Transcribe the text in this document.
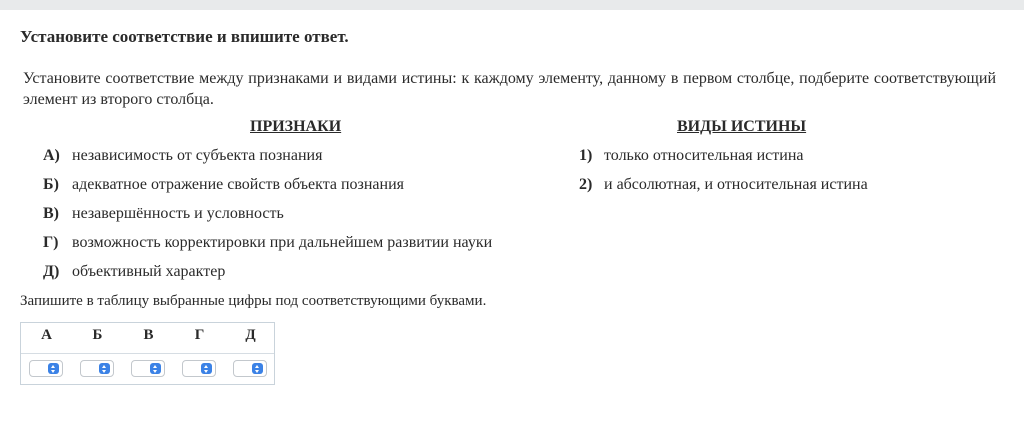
Установите соответствие и впишите ответ.
Установите соответствие между признаками и видами истины: к каждому элементу, данному в первом столбце, подберите соответствующий элемент из второго столбца.
ПРИЗНАКИ	ВИДЫ ИСТИНЫ
А) независимость от субъекта познания
Б) адекватное отражение свойств объекта познания
В) незавершённость и условность
Г) возможность корректировки при дальнейшем развитии науки
Д) объективный характер
1) только относительная истина
2) и абсолютная, и относительная истина
Запишите в таблицу выбранные цифры под соответствующими буквами.
А	Б	В	Г	Д
